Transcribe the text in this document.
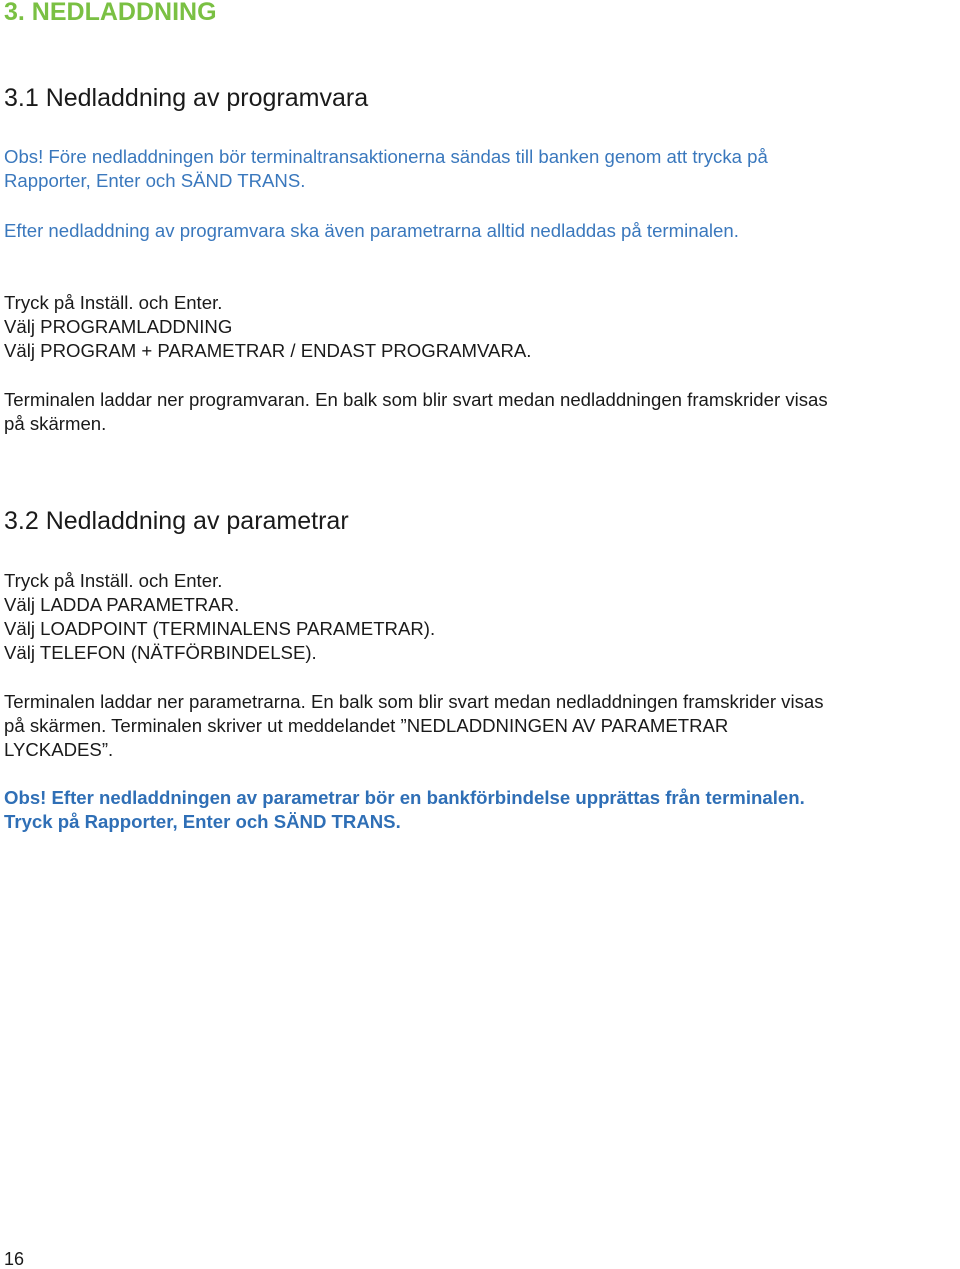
3. NEDLADDNING
3.1 Nedladdning av programvara
Obs! Före nedladdningen bör terminaltransaktionerna sändas till banken genom att trycka på
Rapporter, Enter och SÄND TRANS.
Efter nedladdning av programvara ska även parametrarna alltid nedladdas på terminalen.
Tryck på Inställ. och Enter.
Välj PROGRAMLADDNING
Välj PROGRAM + PARAMETRAR / ENDAST PROGRAMVARA.
Terminalen laddar ner programvaran. En balk som blir svart medan nedladdningen framskrider visas
på skärmen.
3.2 Nedladdning av parametrar
Tryck på Inställ. och Enter.
Välj LADDA PARAMETRAR.
Välj LOADPOINT (TERMINALENS PARAMETRAR).
Välj TELEFON (NÄTFÖRBINDELSE).
Terminalen laddar ner parametrarna. En balk som blir svart medan nedladdningen framskrider visas
på skärmen. Terminalen skriver ut meddelandet ”NEDLADDNINGEN AV PARAMETRAR
LYCKADES”.
Obs! Efter nedladdningen av parametrar bör en bankförbindelse upprättas från terminalen.
Tryck på Rapporter, Enter och SÄND TRANS.
16
